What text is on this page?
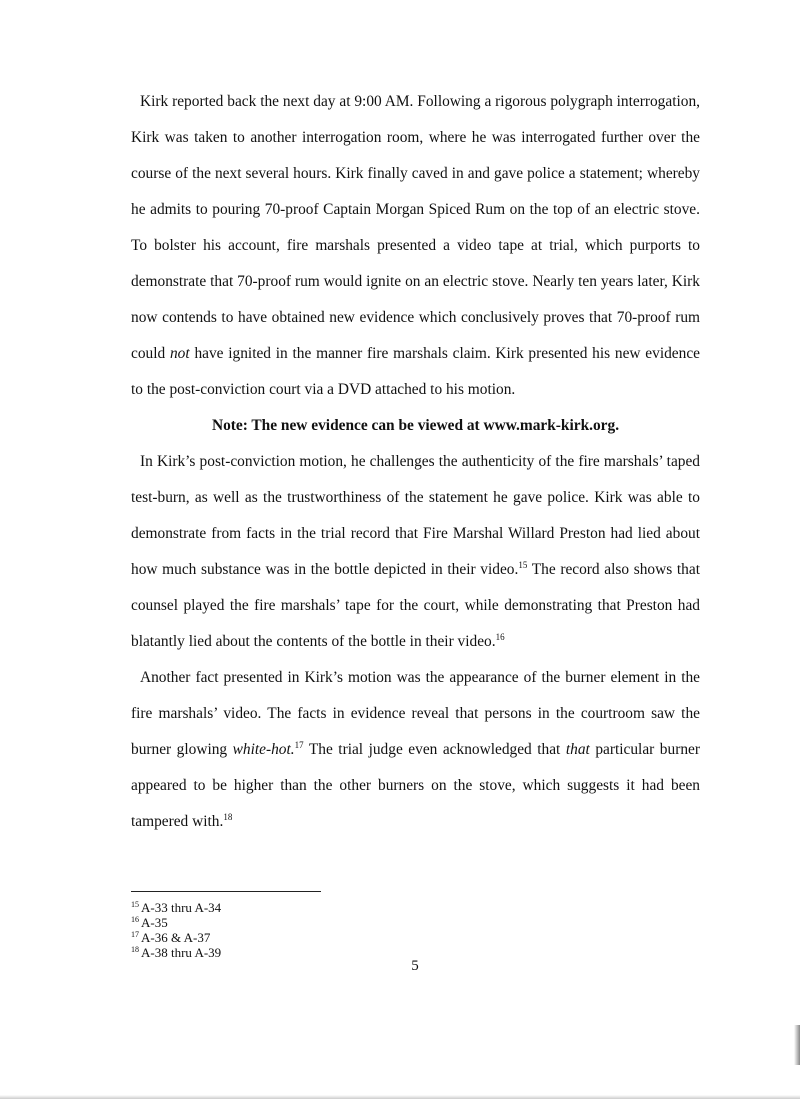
Kirk reported back the next day at 9:00 AM. Following a rigorous polygraph interrogation, Kirk was taken to another interrogation room, where he was interrogated further over the course of the next several hours. Kirk finally caved in and gave police a statement; whereby he admits to pouring 70-proof Captain Morgan Spiced Rum on the top of an electric stove. To bolster his account, fire marshals presented a video tape at trial, which purports to demonstrate that 70-proof rum would ignite on an electric stove. Nearly ten years later, Kirk now contends to have obtained new evidence which conclusively proves that 70-proof rum could not have ignited in the manner fire marshals claim. Kirk presented his new evidence to the post-conviction court via a DVD attached to his motion.

Note: The new evidence can be viewed at www.mark-kirk.org.

In Kirk’s post-conviction motion, he challenges the authenticity of the fire marshals’ taped test-burn, as well as the trustworthiness of the statement he gave police. Kirk was able to demonstrate from facts in the trial record that Fire Marshal Willard Preston had lied about how much substance was in the bottle depicted in their video.$^{15}$ The record also shows that counsel played the fire marshals’ tape for the court, while demonstrating that Preston had blatantly lied about the contents of the bottle in their video.$^{16}$

Another fact presented in Kirk’s motion was the appearance of the burner element in the fire marshals’ video. The facts in evidence reveal that persons in the courtroom saw the burner glowing white-hot.$^{17}$ The trial judge even acknowledged that that particular burner appeared to be higher than the other burners on the stove, which suggests it had been tampered with.$^{18}$

$^{15}$ A-33 thru A-34
$^{16}$ A-35
$^{17}$ A-36 & A-37
$^{18}$ A-38 thru A-39
5
